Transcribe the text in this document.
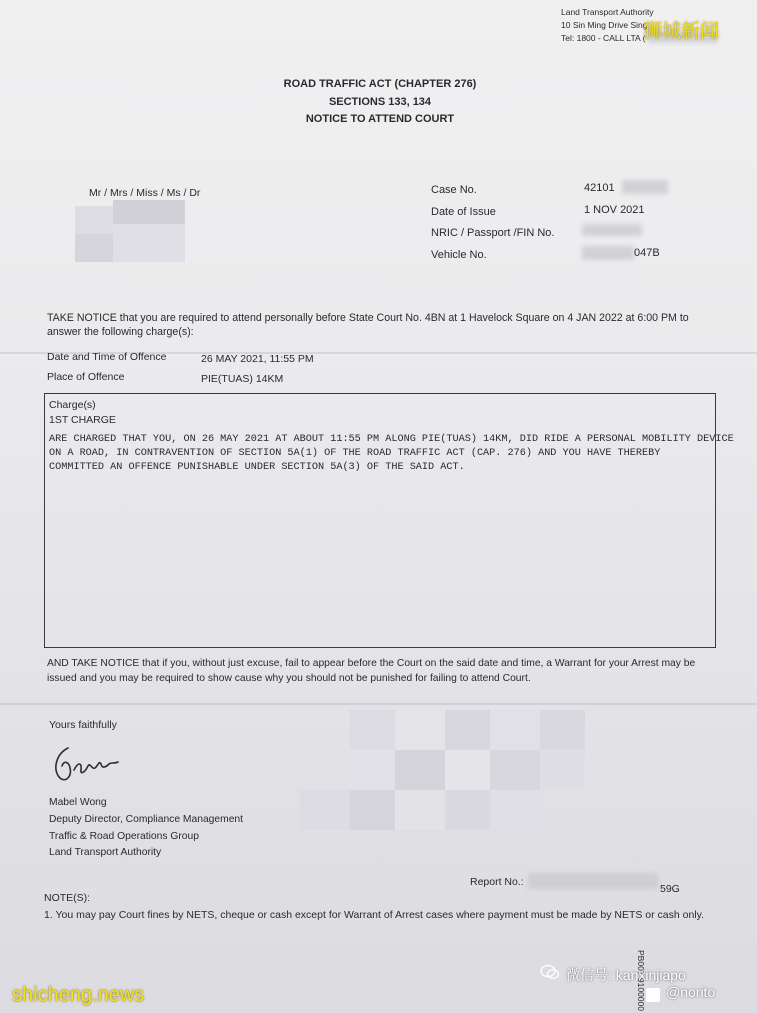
Land Transport Authority
10 Sin Ming Drive Sing
Tel: 1800 - CALL LTA (
ROAD TRAFFIC ACT (CHAPTER 276)
SECTIONS 133, 134
NOTICE TO ATTEND COURT
Mr / Mrs / Miss / Ms / Dr	Case No.	42101
Date of Issue	1 NOV 2021
NRIC / Passport /FIN No.
Vehicle No.	047B
TAKE NOTICE that you are required to attend personally before State Court No. 4BN at 1 Havelock Square on 4 JAN 2022 at 6:00 PM to
answer the following charge(s):
Date and Time of Offence	26 MAY 2021, 11:55 PM
Place of Offence	PIE(TUAS) 14KM
Charge(s)
1ST CHARGE
ARE CHARGED THAT YOU, ON 26 MAY 2021 AT ABOUT 11:55 PM ALONG PIE(TUAS) 14KM, DID RIDE A PERSONAL MOBILITY DEVICE
ON A ROAD, IN CONTRAVENTION OF SECTION 5A(1) OF THE ROAD TRAFFIC ACT (CAP. 276) AND YOU HAVE THEREBY
COMMITTED AN OFFENCE PUNISHABLE UNDER SECTION 5A(3) OF THE SAID ACT.
AND TAKE NOTICE that if you, without just excuse, fail to appear before the Court on the said date and time, a Warrant for your Arrest may be
issued and you may be required to show cause why you should not be punished for failing to attend Court.
Yours faithfully
Mabel Wong
Deputy Director, Compliance Management
Traffic & Road Operations Group
Land Transport Authority
Report No.:
59G
NOTE(S):
1. You may pay Court fines by NETS, cheque or cash except for Warrant of Arrest cases where payment must be made by NETS or cash only.
PB007 9100000
狮城新闻
shicheng.news
微信号: kanxinjiapo
@norito
